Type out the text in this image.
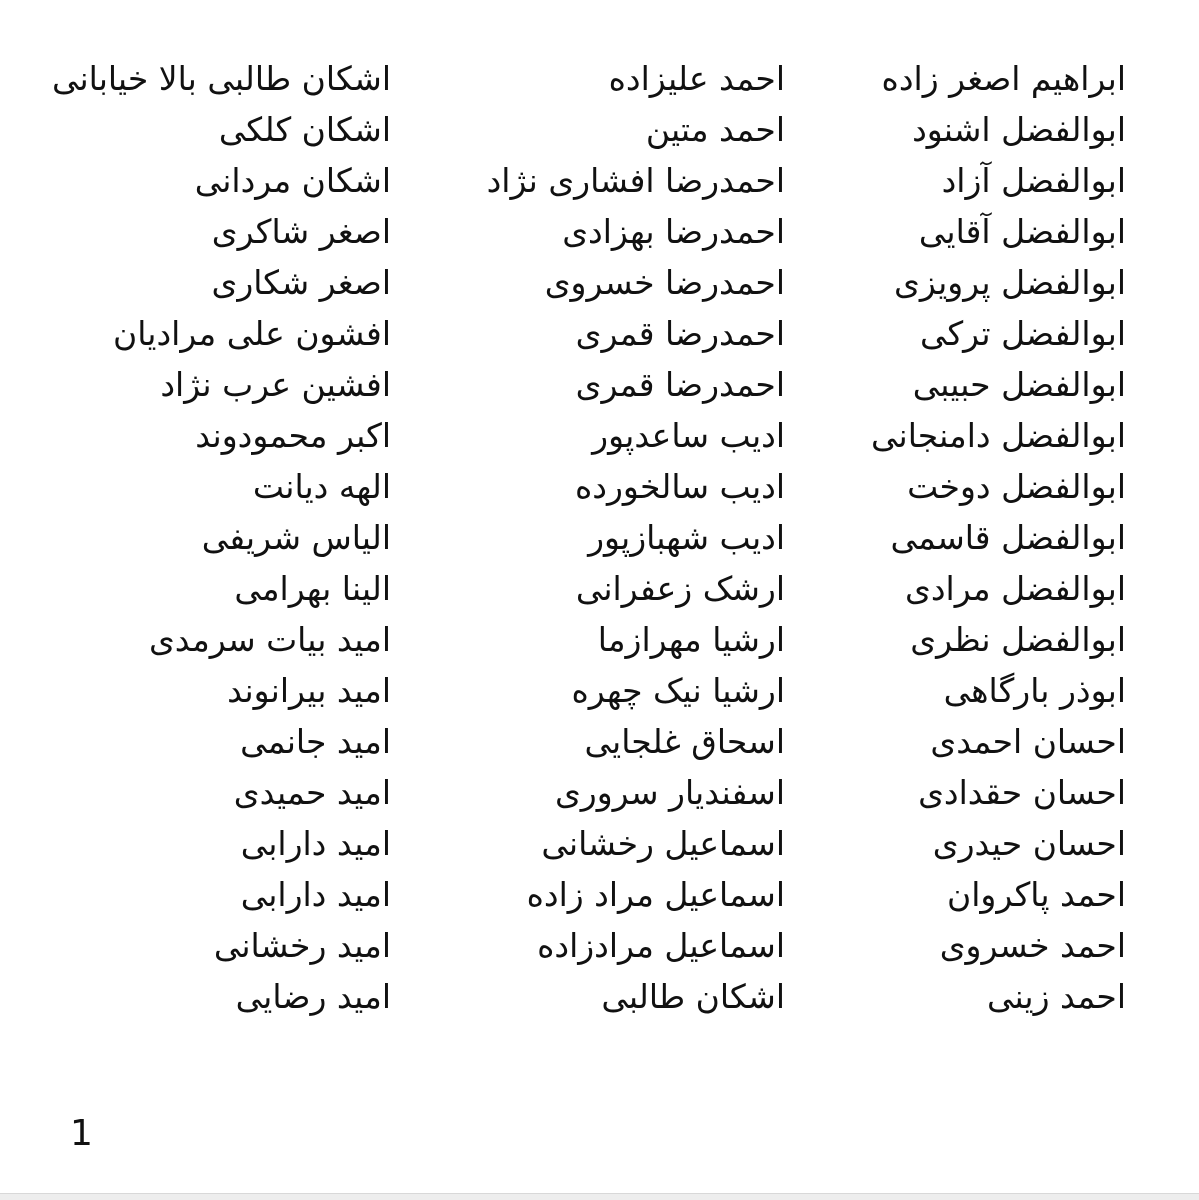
ابراهیم اصغر زاده
ابوالفضل اشنود
ابوالفضل آزاد
ابوالفضل آقایی
ابوالفضل پرویزی
ابوالفضل ترکی
ابوالفضل حبیبی
ابوالفضل دامنجانی
ابوالفضل دوخت
ابوالفضل قاسمی
ابوالفضل مرادی
ابوالفضل نظری
ابوذر بارگاهی
احسان احمدی
احسان حقدادی
احسان حیدری
احمد پاکروان
احمد خسروی
احمد زینی
احمد علیزاده
احمد متین
احمدرضا افشاری نژاد
احمدرضا بهزادی
احمدرضا خسروی
احمدرضا قمری
احمدرضا قمری
ادیب ساعدپور
ادیب سالخورده
ادیب شهبازپور
ارشک زعفرانی
ارشیا مهرازما
ارشیا نیک چهره
اسحاق غلجایی
اسفندیار سروری
اسماعیل رخشانی
اسماعیل مراد زاده
اسماعیل مرادزاده
اشکان طالبی
اشکان طالبی بالا خیابانی
اشکان کلکی
اشکان مردانی
اصغر شاکری
اصغر شکاری
افشون علی مرادیان
افشین عرب نژاد
اکبر محمودوند
الهه دیانت
الیاس شریفی
الینا بهرامی
امید بیات سرمدی
امید بیرانوند
امید جانمی
امید حمیدی
امید دارابی
امید دارابی
امید رخشانی
امید رضایی
1
